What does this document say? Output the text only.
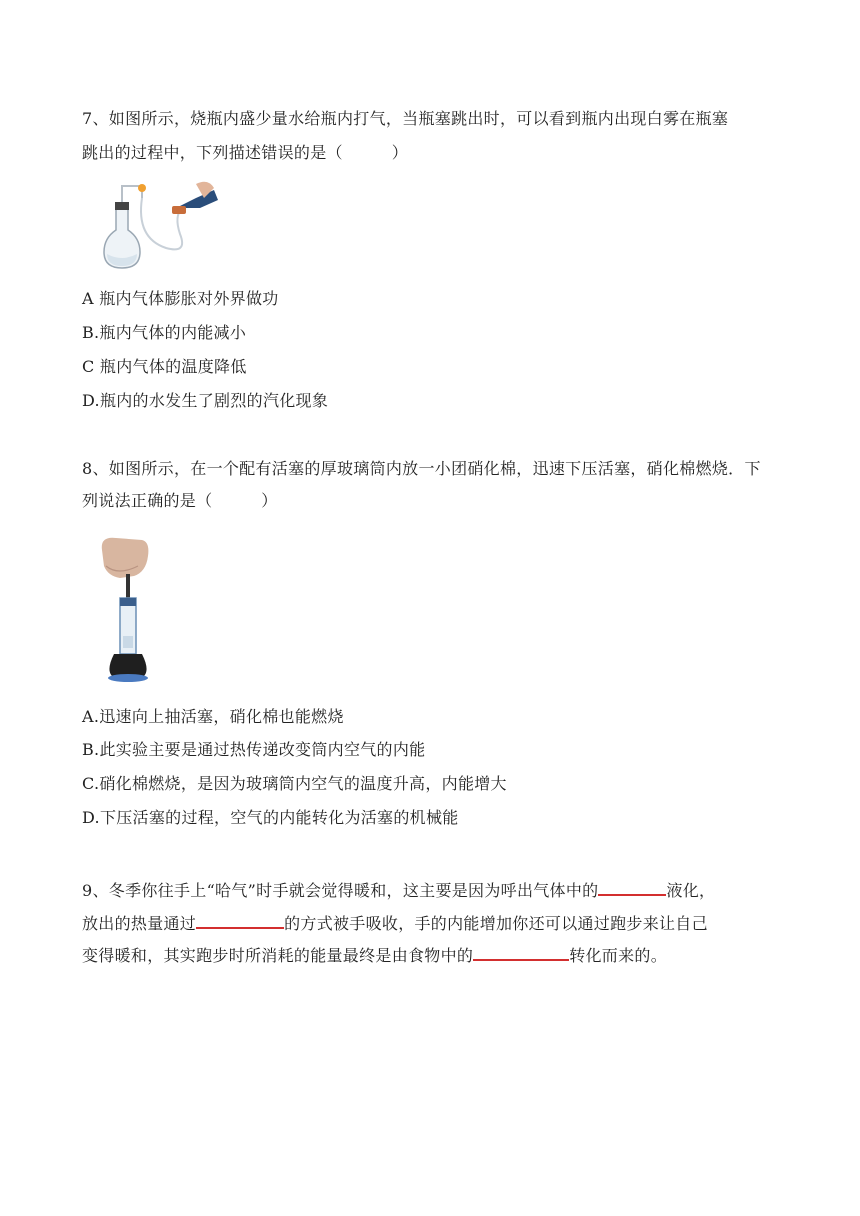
7、如图所示，烧瓶内盛少量水给瓶内打气，当瓶塞跳出时，可以看到瓶内出现白雾在瓶塞
跳出的过程中，下列描述错误的是（　　　）
A 瓶内气体膨胀对外界做功
B.瓶内气体的内能减小
C 瓶内气体的温度降低
D.瓶内的水发生了剧烈的汽化现象
8、如图所示，在一个配有活塞的厚玻璃筒内放一小团硝化棉，迅速下压活塞，硝化棉燃烧．下
列说法正确的是（　　　）
A.迅速向上抽活塞，硝化棉也能燃烧
B.此实验主要是通过热传递改变筒内空气的内能
C.硝化棉燃烧，是因为玻璃筒内空气的温度升高，内能增大
D.下压活塞的过程，空气的内能转化为活塞的机械能
9、冬季你往手上“哈气”时手就会觉得暖和，这主要是因为呼出气体中的	液化，
放出的热量通过	的方式被手吸收，手的内能增加你还可以通过跑步来让自己
变得暖和，其实跑步时所消耗的能量最终是由食物中的	转化而来的。
